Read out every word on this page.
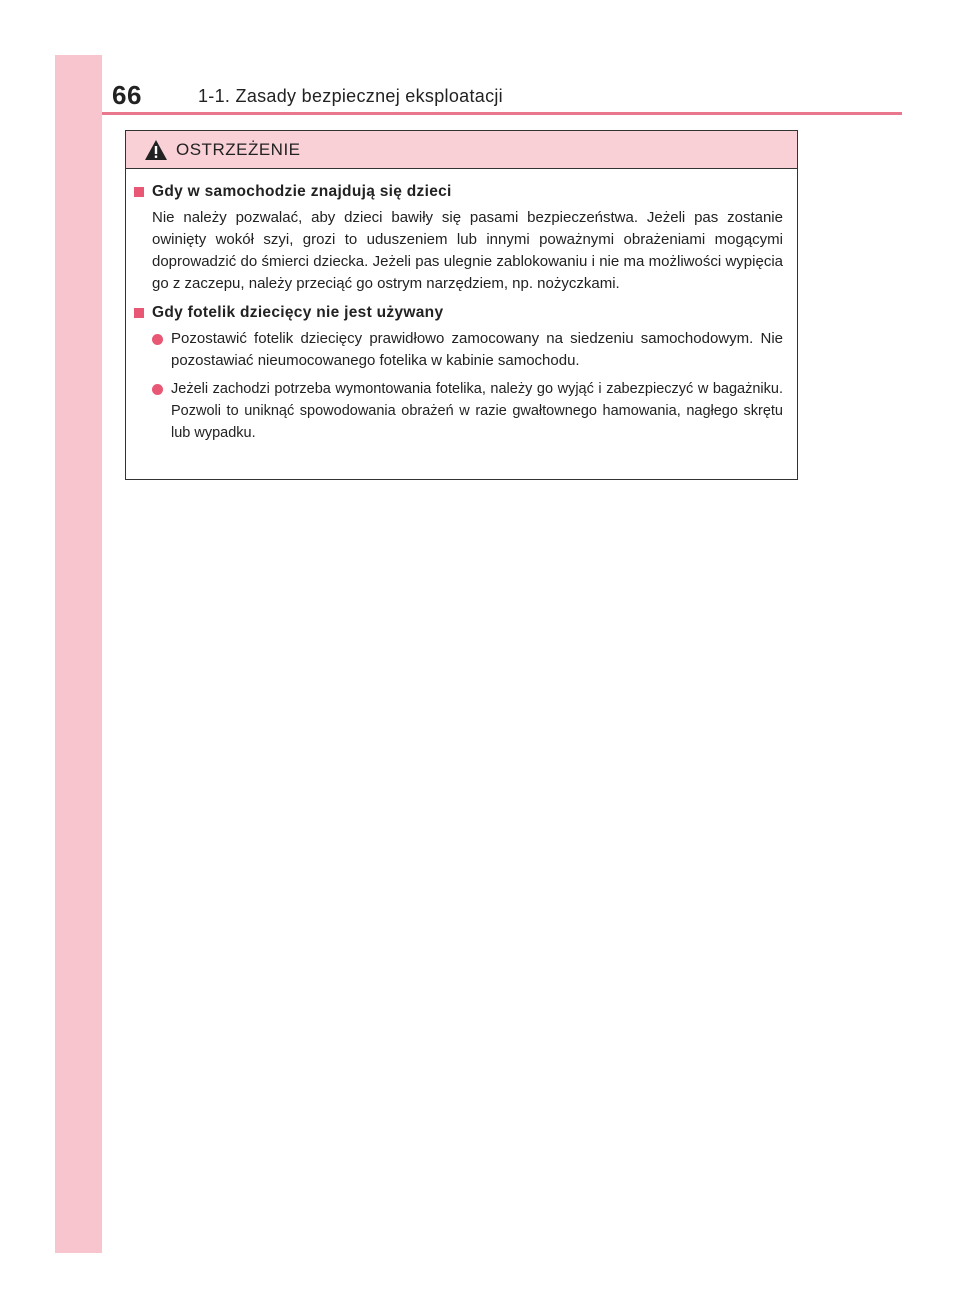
66	1-1. Zasady bezpiecznej eksploatacji
OSTRZEŻENIE
Gdy w samochodzie znajdują się dzieci
Nie należy pozwalać, aby dzieci bawiły się pasami bezpieczeństwa. Jeżeli pas zostanie owinięty wokół szyi, grozi to uduszeniem lub innymi poważnymi obrażeniami mogącymi doprowadzić do śmierci dziecka. Jeżeli pas ulegnie zablokowaniu i nie ma możliwości wypięcia go z zaczepu, należy przeciąć go ostrym narzędziem, np. nożyczkami.
Gdy fotelik dziecięcy nie jest używany
Pozostawić fotelik dziecięcy prawidłowo zamocowany na siedzeniu samochodowym. Nie pozostawiać nieumocowanego fotelika w kabinie samochodu.
Jeżeli zachodzi potrzeba wymontowania fotelika, należy go wyjąć i zabezpieczyć w bagażniku. Pozwoli to uniknąć spowodowania obrażeń w razie gwałtownego hamowania, nagłego skrętu lub wypadku.
